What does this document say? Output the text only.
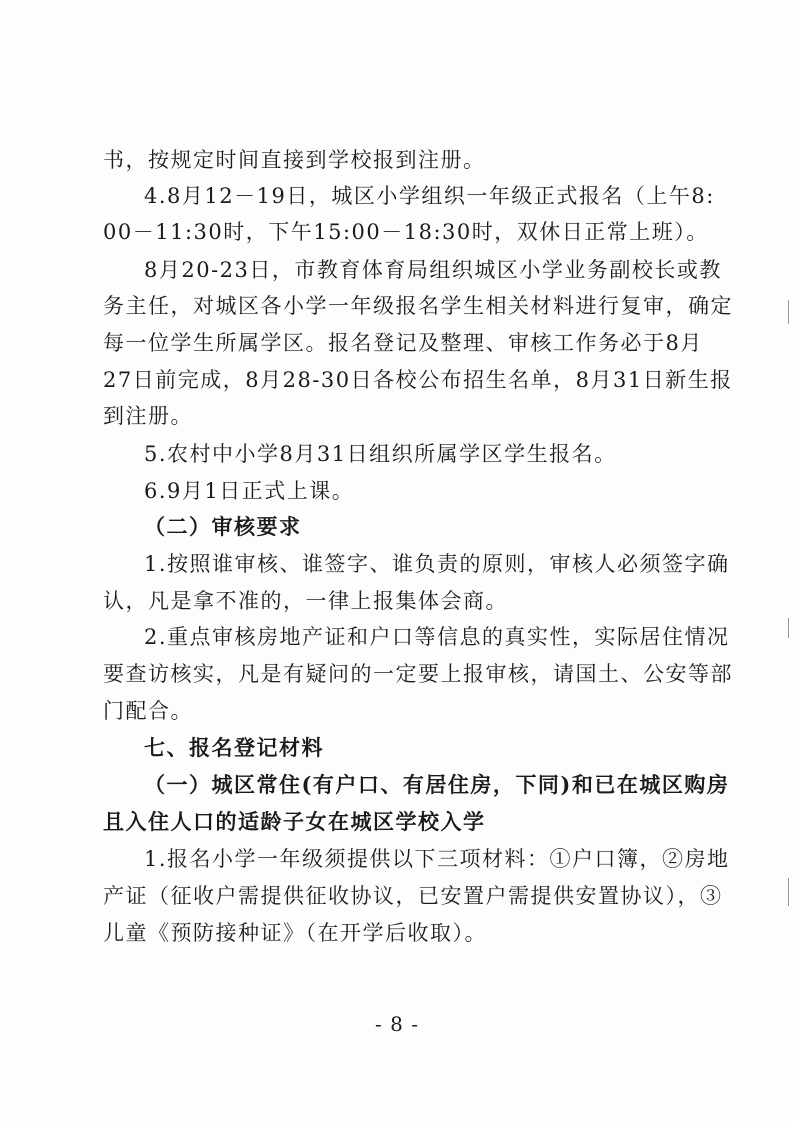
书，按规定时间直接到学校报到注册。
4.8月12－19日，城区小学组织一年级正式报名（上午8:
00－11:30时，下午15:00－18:30时，双休日正常上班）。
8月20-23日，市教育体育局组织城区小学业务副校长或教
务主任，对城区各小学一年级报名学生相关材料进行复审，确定
每一位学生所属学区。报名登记及整理、审核工作务必于8月
27日前完成，8月28-30日各校公布招生名单，8月31日新生报
到注册。
5.农村中小学8月31日组织所属学区学生报名。
6.9月1日正式上课。
（二）审核要求
1.按照谁审核、谁签字、谁负责的原则，审核人必须签字确
认，凡是拿不准的，一律上报集体会商。
2.重点审核房地产证和户口等信息的真实性，实际居住情况
要查访核实，凡是有疑问的一定要上报审核，请国土、公安等部
门配合。
七、报名登记材料
（一）城区常住(有户口、有居住房，下同)和已在城区购房
且入住人口的适龄子女在城区学校入学
1.报名小学一年级须提供以下三项材料：①户口簿，②房地
产证（征收户需提供征收协议，已安置户需提供安置协议），③
儿童《预防接种证》（在开学后收取）。
- 8 -
